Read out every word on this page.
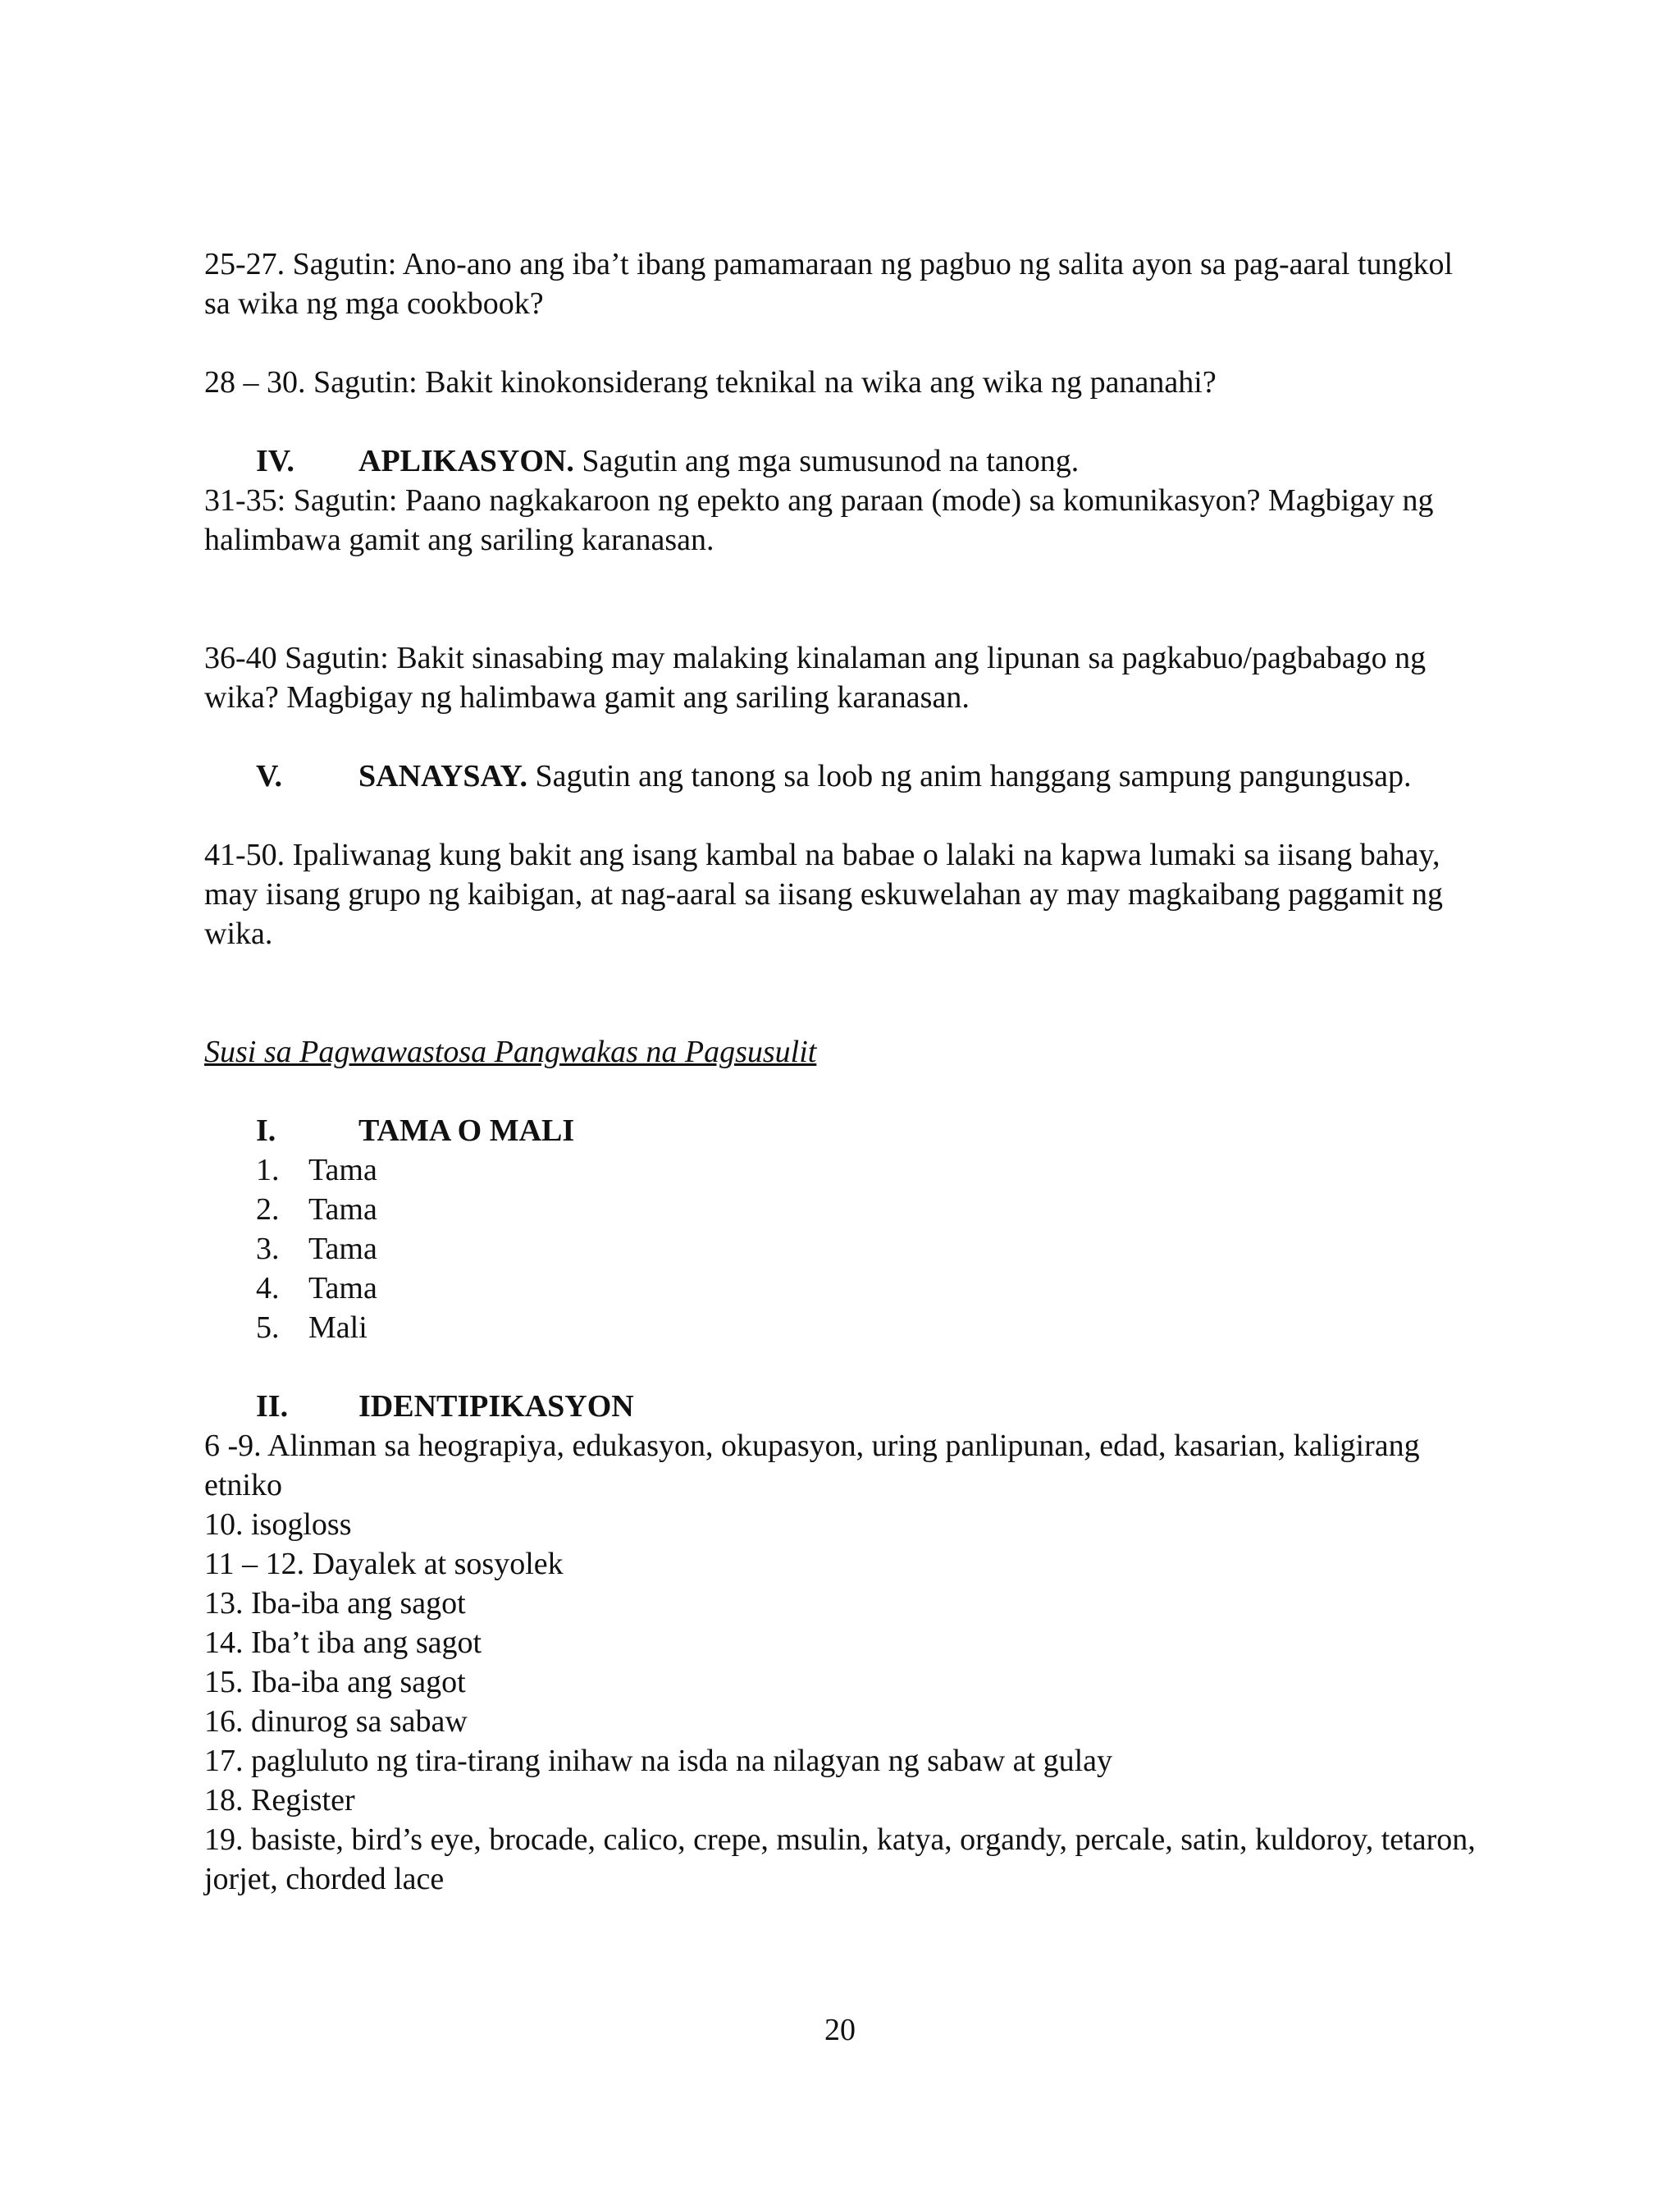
25-27. Sagutin: Ano-ano ang iba’t ibang pamamaraan ng pagbuo ng salita ayon sa pag-aaral tungkol sa wika ng mga cookbook?

28 – 30. Sagutin: Bakit kinokonsiderang teknikal na wika ang wika ng pananahi?

IV.	APLIKASYON. Sagutin ang mga sumusunod na tanong.

31-35: Sagutin: Paano nagkakaroon ng epekto ang paraan (mode) sa komunikasyon? Magbigay ng halimbawa gamit ang sariling karanasan.

36-40 Sagutin: Bakit sinasabing may malaking kinalaman ang lipunan sa pagkabuo/pagbabago ng wika? Magbigay ng halimbawa gamit ang sariling karanasan.

V.	SANAYSAY. Sagutin ang tanong sa loob ng anim hanggang sampung pangungusap.

41-50. Ipaliwanag kung bakit ang isang kambal na babae o lalaki na kapwa lumaki sa iisang bahay, may iisang grupo ng kaibigan, at nag-aaral sa iisang eskuwelahan ay may magkaibang paggamit ng wika.

Susi sa Pagwawastosa Pangwakas na Pagsusulit

I.	TAMA O MALI
1. Tama
2. Tama
3. Tama
4. Tama
5. Mali
II.	IDENTIPIKASYON

6 -9. Alinman sa heograpiya, edukasyon, okupasyon, uring panlipunan, edad, kasarian, kaligirang etniko

10. isogloss

11 – 12. Dayalek at sosyolek

13. Iba-iba ang sagot

14. Iba’t iba ang sagot

15. Iba-iba ang sagot

16. dinurog sa sabaw

17. pagluluto ng tira-tirang inihaw na isda na nilagyan ng sabaw at gulay

18. Register

19. basiste, bird’s eye, brocade, calico, crepe, msulin, katya, organdy, percale, satin, kuldoroy, tetaron, jorjet, chorded lace

20
